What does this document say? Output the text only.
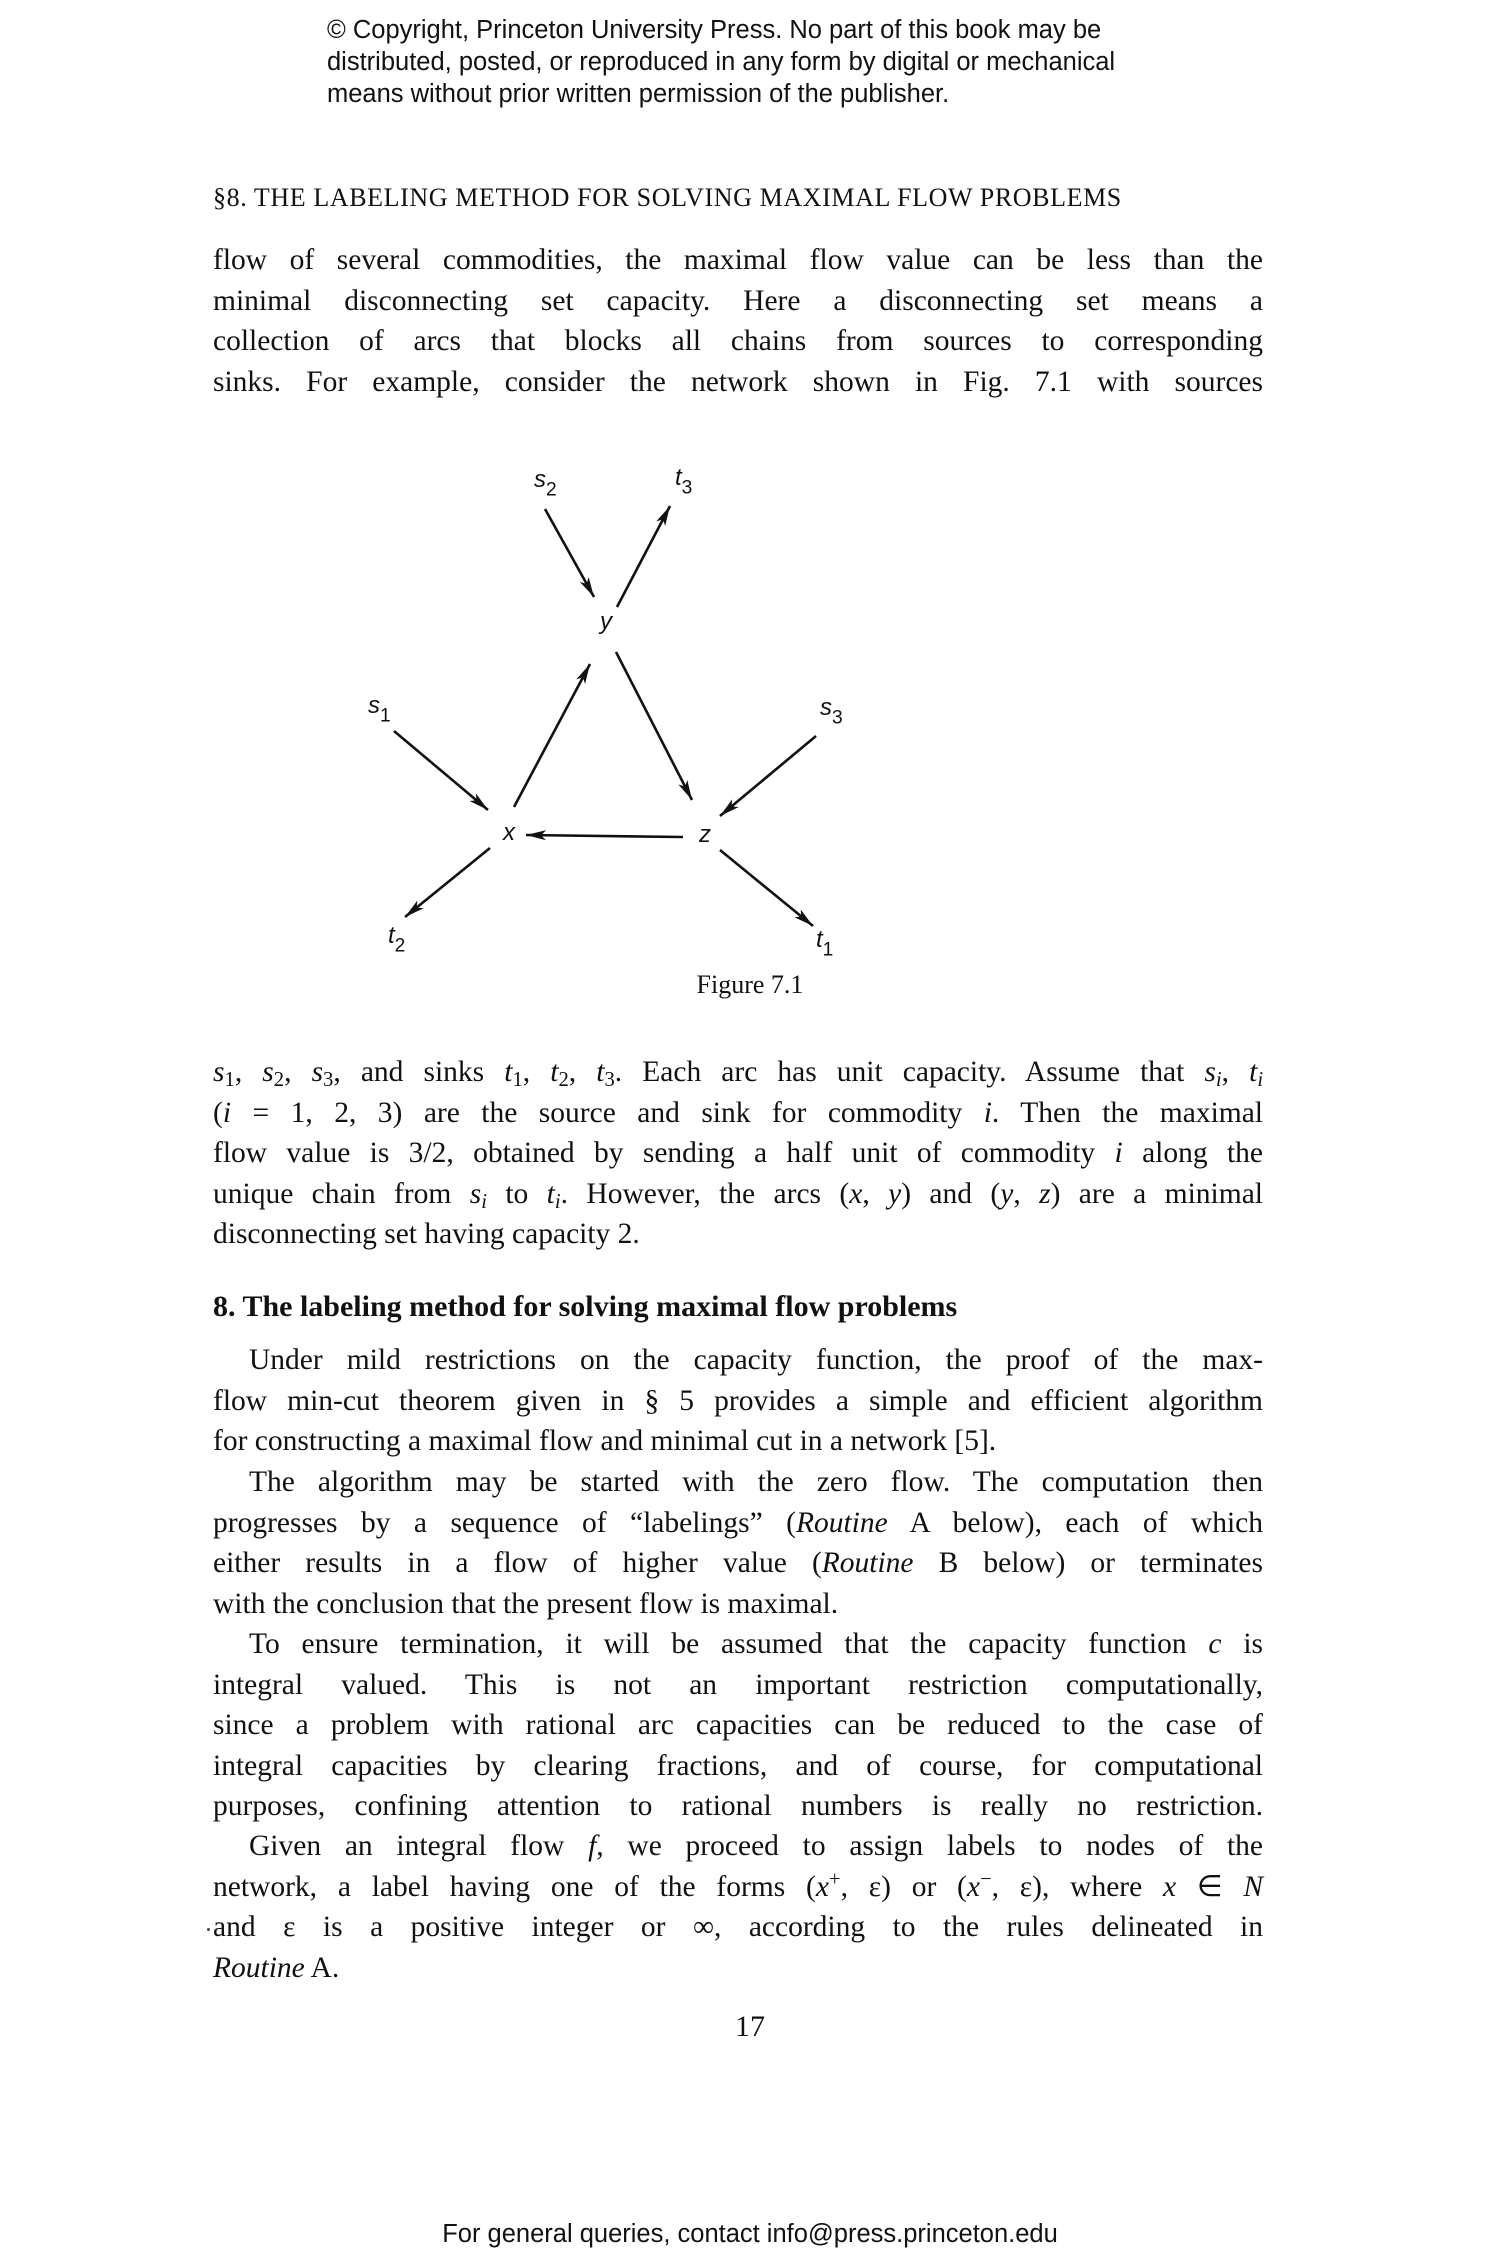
© Copyright, Princeton University Press. No part of this book may be
distributed, posted, or reproduced in any form by digital or mechanical
means without prior written permission of the publisher.
§8. THE LABELING METHOD FOR SOLVING MAXIMAL FLOW PROBLEMS
flow of several commodities, the maximal flow value can be less than the
minimal disconnecting set capacity. Here a disconnecting set means a
collection of arcs that blocks all chains from sources to corresponding
sinks. For example, consider the network shown in Fig. 7.1 with sources
$s_2$	$t_3$
y
$s_1$	$s_3$
x	z
$t_2$	$t_1$
Figure 7.1
$s_1$, $s_2$, $s_3$, and sinks $t_1$, $t_2$, $t_3$. Each arc has unit capacity. Assume that $s_i$, $t_i$
(i = 1, 2, 3) are the source and sink for commodity i. Then the maximal
flow value is 3/2, obtained by sending a half unit of commodity i along the
unique chain from $s_i$ to $t_i$. However, the arcs (x, y) and (y, z) are a minimal
disconnecting set having capacity 2.
8. The labeling method for solving maximal flow problems
Under mild restrictions on the capacity function, the proof of the max-
flow min-cut theorem given in § 5 provides a simple and efficient algorithm
for constructing a maximal flow and minimal cut in a network [5].
The algorithm may be started with the zero flow. The computation then
progresses by a sequence of “labelings” (Routine A below), each of which
either results in a flow of higher value (Routine B below) or terminates
with the conclusion that the present flow is maximal.
To ensure termination, it will be assumed that the capacity function c is
integral valued. This is not an important restriction computationally,
since a problem with rational arc capacities can be reduced to the case of
integral capacities by clearing fractions, and of course, for computational
purposes, confining attention to rational numbers is really no restriction.
Given an integral flow f, we proceed to assign labels to nodes of the
network, a label having one of the forms (x+, ε) or (x−, ε), where x ∈ N
and ε is a positive integer or ∞, according to the rules delineated in
Routine A.
17
For general queries, contact info@press.princeton.edu
